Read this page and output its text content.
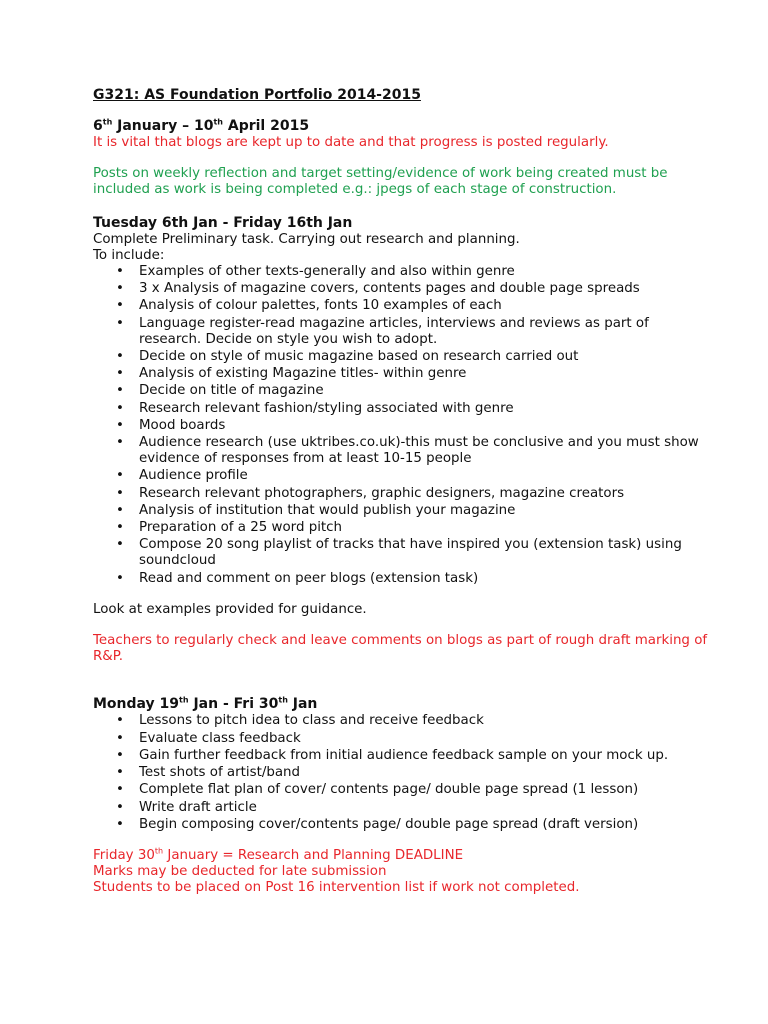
G321: AS Foundation Portfolio 2014-2015
6th January – 10th April 2015

It is vital that blogs are kept up to date and that progress is posted regularly.

Posts on weekly reflection and target setting/evidence of work being created must be included as work is being completed e.g.: jpegs of each stage of construction.

Tuesday 6th Jan - Friday 16th Jan

Complete Preliminary task. Carrying out research and planning.

To include:

• Examples of other texts-generally and also within genre
• 3 x Analysis of magazine covers, contents pages and double page spreads
• Analysis of colour palettes, fonts 10 examples of each
• Language register-read magazine articles, interviews and reviews as part of research. Decide on style you wish to adopt.
• Decide on style of music magazine based on research carried out
• Analysis of existing Magazine titles- within genre
• Decide on title of magazine
• Research relevant fashion/styling associated with genre
• Mood boards
• Audience research (use uktribes.co.uk)-this must be conclusive and you must show evidence of responses from at least 10-15 people
• Audience profile
• Research relevant photographers, graphic designers, magazine creators
• Analysis of institution that would publish your magazine
• Preparation of a 25 word pitch
• Compose 20 song playlist of tracks that have inspired you (extension task) using soundcloud
• Read and comment on peer blogs (extension task)

Look at examples provided for guidance.

Teachers to regularly check and leave comments on blogs as part of rough draft marking of R&P.

Monday 19th Jan - Fri 30th Jan
• Lessons to pitch idea to class and receive feedback
• Evaluate class feedback
• Gain further feedback from initial audience feedback sample on your mock up.
• Test shots of artist/band
• Complete flat plan of cover/ contents page/ double page spread (1 lesson)
• Write draft article
• Begin composing cover/contents page/ double page spread (draft version)

Friday 30th January = Research and Planning DEADLINE

Marks may be deducted for late submission

Students to be placed on Post 16 intervention list if work not completed.
